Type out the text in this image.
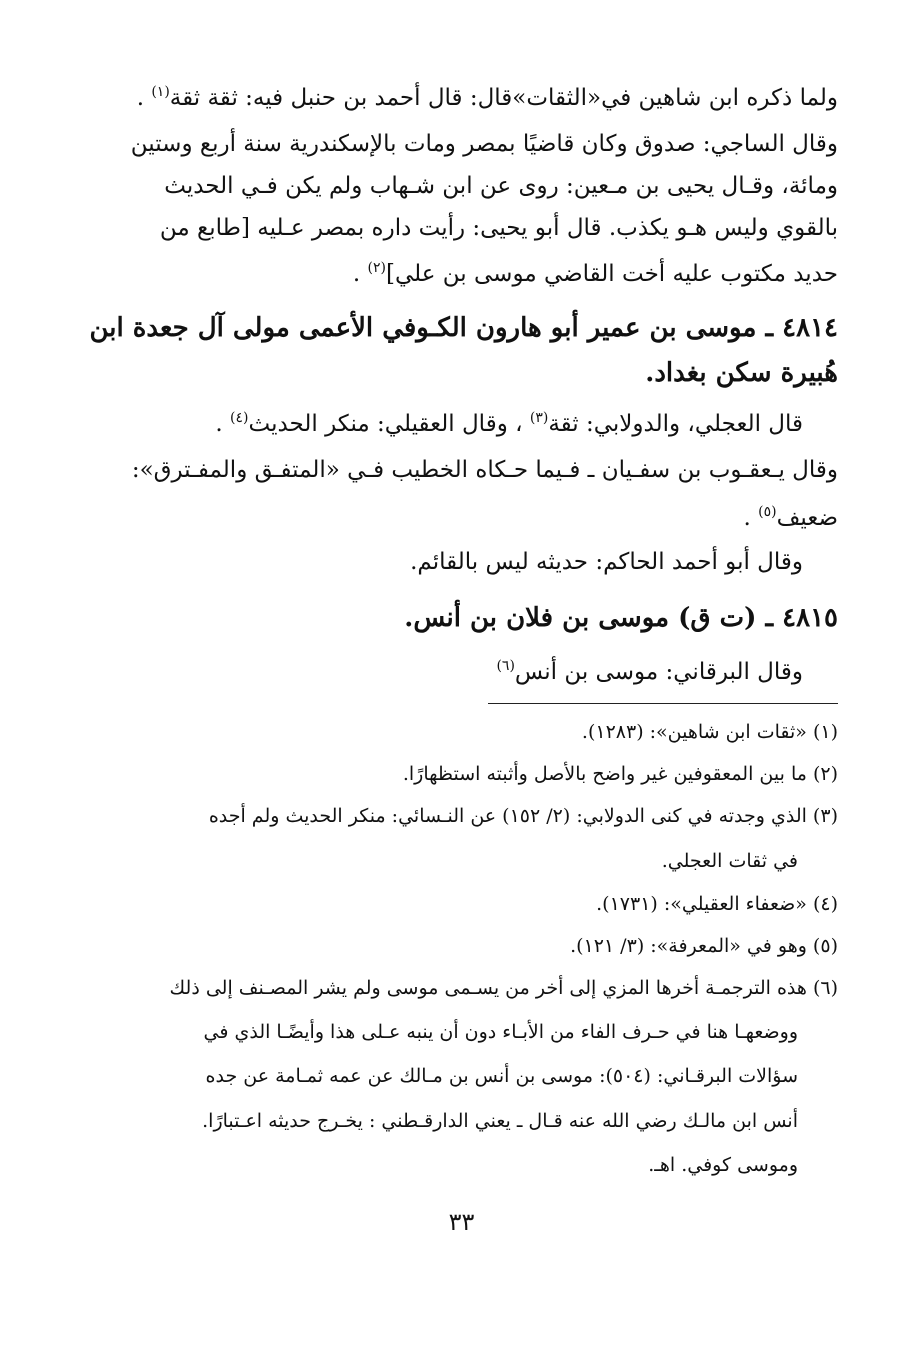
ولما ذكره ابن شاهين في«الثقات»قال: قال أحمد بن حنبل فيه: ثقة ثقة$^{(١)}$ .
وقال الساجي: صدوق وكان قاضيًا بمصر ومات بالإسكندرية سنة أربع وستين
ومائة، وقـال يحيى بن مـعين: روى عن ابن شـهاب ولم يكن فـي الحديث
بالقوي وليس هـو يكذب. قال أبو يحيى: رأيت داره بمصر عـليه [طابع من
حديد مكتوب عليه أخت القاضي موسى بن علي]$^{(٢)}$ .
٤٨١٤ ـ موسى بن عمير أبو هارون الكـوفي الأعمى مولى آل جعدة ابن
هُبيرة سكن بغداد.
قال العجلي، والدولابي: ثقة$^{(٣)}$ ، وقال العقيلي: منكر الحديث$^{(٤)}$ .
وقال يـعقـوب بن سفـيان ـ فـيما حـكاه الخطيب فـي «المتفـق والمفـترق»:
ضعيف$^{(٥)}$ .
وقال أبو أحمد الحاكم: حديثه ليس بالقائم.
٤٨١٥ ـ (ت ق) موسى بن فلان بن أنس.
وقال البرقاني: موسى بن أنس$^{(٦)}$
(١) «ثقات ابن شاهين»: (١٢٨٣).
(٢) ما بين المعقوفين غير واضح بالأصل وأثبته استظهارًا.
(٣) الذي وجدته في كنى الدولابي: (٢/ ١٥٢) عن النـسائي: منكر الحديث ولم أجده
في ثقات العجلي.
(٤) «ضعفاء العقيلي»: (١٧٣١).
(٥) وهو في «المعرفة»: (٣/ ١٢١).
(٦) هذه الترجمـة أخرها المزي إلى أخر من يسـمى موسى ولم يشر المصـنف إلى ذلك
ووضعهـا هنا في حـرف الفاء من الأبـاء دون أن ينبه عـلى هذا وأيضًـا الذي في
سؤالات البرقـاني: (٥٠٤): موسى بن أنس بن مـالك عن عمه ثمـامة عن جده
أنس ابن مالـك رضي الله عنه قـال ـ يعني الدارقـطني : يخـرج حديثه اعـتبارًا.
وموسى كوفي. اهـ.
٣٣
